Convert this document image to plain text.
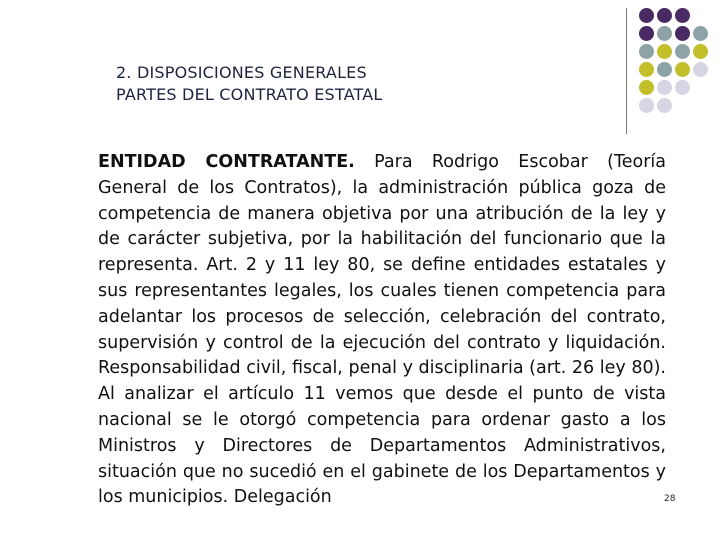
2. DISPOSICIONES GENERALES
PARTES DEL CONTRATO ESTATAL
ENTIDAD CONTRATANTE. Para Rodrigo Escobar (Teoría General de los Contratos), la administración pública goza de competencia de manera objetiva por una atribución de la ley y de carácter subjetiva, por la habilitación del funcionario que la representa. Art. 2 y 11 ley 80, se define entidades estatales y sus representantes legales, los cuales tienen competencia para adelantar los procesos de selección, celebración del contrato, supervisión y control de la ejecución del contrato y liquidación. Responsabilidad civil, fiscal, penal y disciplinaria (art. 26 ley 80). Al analizar el artículo 11 vemos que desde el punto de vista nacional se le otorgó competencia para ordenar gasto a los Ministros y Directores de Departamentos Administrativos, situación que no sucedió en el gabinete de los Departamentos y los municipios. Delegación	28
